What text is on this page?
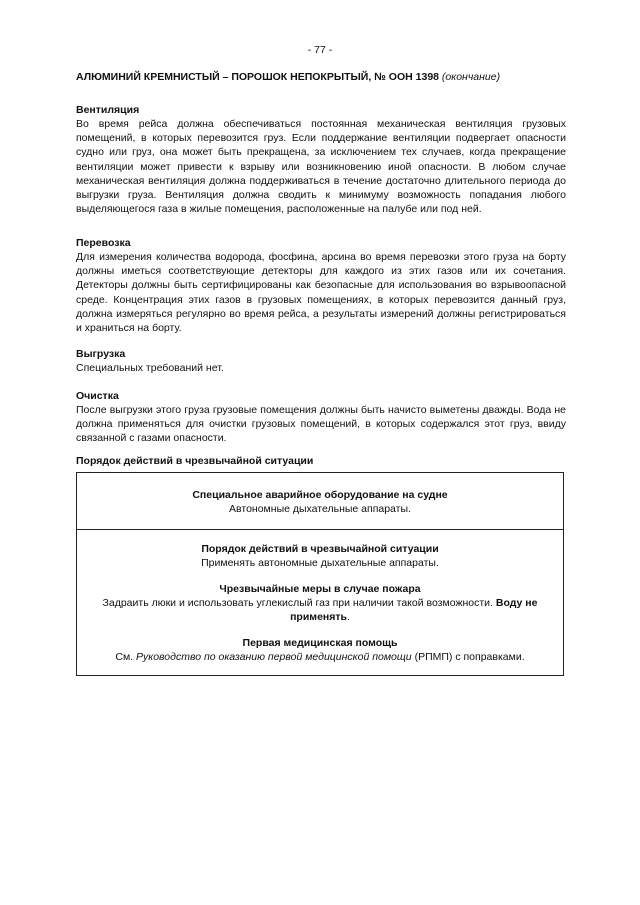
- 77 -
АЛЮМИНИЙ КРЕМНИСТЫЙ – ПОРОШОК НЕПОКРЫТЫЙ, № ООН 1398 (окончание)
Вентиляция

Во время рейса должна обеспечиваться постоянная механическая вентиляция грузовых помещений, в которых перевозится груз. Если поддержание вентиляции подвергает опасности судно или груз, она может быть прекращена, за исключением тех случаев, когда прекращение вентиляции может привести к взрыву или возникновению иной опасности. В любом случае механическая вентиляция должна поддерживаться в течение достаточно длительного периода до выгрузки груза. Вентиляция должна сводить к минимуму возможность попадания любого выделяющегося газа в жилые помещения, расположенные на палубе или под ней.

Перевозка

Для измерения количества водорода, фосфина, арсина во время перевозки этого груза на борту должны иметься соответствующие детекторы для каждого из этих газов или их сочетания. Детекторы должны быть сертифицированы как безопасные для использования во взрывоопасной среде. Концентрация этих газов в грузовых помещениях, в которых перевозится данный груз, должна измеряться регулярно во время рейса, а результаты измерений должны регистрироваться и храниться на борту.

Выгрузка

Специальных требований нет.

Очистка

После выгрузки этого груза грузовые помещения должны быть начисто выметены дважды. Вода не должна применяться для очистки грузовых помещений, в которых содержался этот груз, ввиду связанной с газами опасности.

Порядок действий в чрезвычайной ситуации
Специальное аварийное оборудование на судне
Автономные дыхательные аппараты.
Порядок действий в чрезвычайной ситуации
Применять автономные дыхательные аппараты.
Чрезвычайные меры в случае пожара
Задраить люки и использовать углекислый газ при наличии такой возможности. Воду не применять.
Первая медицинская помощь
См. Руководство по оказанию первой медицинской помощи (РПМП) с поправками.
